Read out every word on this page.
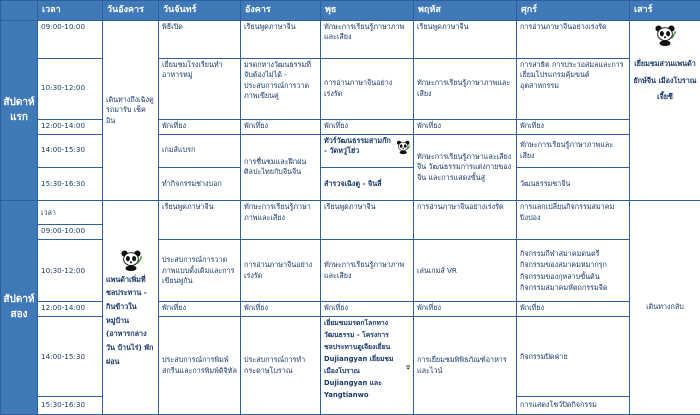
	เวลา	วันอังคาร	วันจันทร์	อังคาร	พุธ	พฤหัส	ศุกร์	เสาร์
สัปดาห์แรก	09:00-10:00	เดินทางถึงเฉิงตูรถมารับ เช็คอิน	พิธีเปิด	เรียนพูดภาษาจีน	ทักษะการเรียนรู้ภาษาภาพและเสียง	เรียนพูดภาษาจีน	การอ่านภาษาจีนอย่างเร่งรัด	เยี่ยมชมสวนแพนด้ายักษ์จีน เมืองโบราณเจี้ยซี

	10:30-12:00		เยี่ยมชมโรงเรียนทำอาหารหมู่	มรดกทางวัฒนธรรมที่จับต้องไม่ได้ - ประสบการณ์การวาดภาพเขียนคู่	การอ่านภาษาจีนอย่างเร่งรัด	ทักษะการเรียนรู้ภาษาภาพและเสียง	การสาธิต การประวอสมลและการเยี่ยมโปรแกรมคุ้มขนต์อุตสาหกรรม	
	12:00-14:00		พักเที่ยง	พักเที่ยง	พักเที่ยง	พักเที่ยง	พักเที่ยง	
	14:00-15:30		เกมส์แบรก	การชื่นชมและฝึกฝนศิลปะไทยกับจีนจีน	ทัวร์วัฒนธรรมสามก๊ก - วัดหวู่โฮ่ว	ทักษะการเรียนรู้ภาษาและเสียงจีน วัฒนธรรมการแต่งกายของจีน และการแสดงขั้นสู่	ทักษะการเรียนรู้ภาษาภาพและเสียง	
	15:30-16:30		ทำกิจกรรมช่างบอก		สำรวจเฉิงตู - จินลี่		วัฒนธรรมชาจีน	
สัปดาห์สอง	เวลา	แพนด้าเพิ่มที่ชลประทาน - กินข้าวในหมู่บ้าน (อาหารกลางวัน บ้านไร่) พักผ่อน	เรียนพูดภาษาจีน	ทักษะการเรียนรู้ภาษาภาพและเสียง	เรียนพูดภาษาจีน	การอ่านภาษาจีนอย่างเร่งรัด	การแลกเปลี่ยนกิจกรรมสมาคมปิงปอง	เดินทางกลับ
	09:00-10:00							
	10:30-12:00		ประสบการณ์การวาดภาพแบบดั้งเดิมและการเขียนพู่กัน	การอ่านภาษาจีนอย่างเร่งรัด	ทักษะการเรียนรู้ภาษาภาพและเสียง	เล่นเกมส์ VR	กิจกรรมกีฬาสมาคมดนตรี กิจกรรมของสมาคมหมากรุก กิจกรรมของกุหลาบขั้นต้น กิจกรรมสมาคมหัตถกรรมจีด	
	12:00-14:00		พักเที่ยง	พักเที่ยง	พักเที่ยง	พักเที่ยง	พักเที่ยง	
	14:00-15:30		ประสบการณ์การพิมพ์สกรีนและการพิมพ์ดิจิทัล	ประสบการณ์การทำกระดาษโบราณ	เยี่ยมชมมรดกโลกทางวัฒนธรรม - โครงการชลประทานตูเจียงเยี่ยน Dujiangyan เยี่ยมชมเมืองโบราณ Dujiangyan และ Yangtianwo	การเยี่ยมชมพิพิธภัณฑ์อาหารและไวน์	กิจกรรมปิดค่าย	
	15:30-16:30						การแสดงโชว์ปิดกิจกรรม	
